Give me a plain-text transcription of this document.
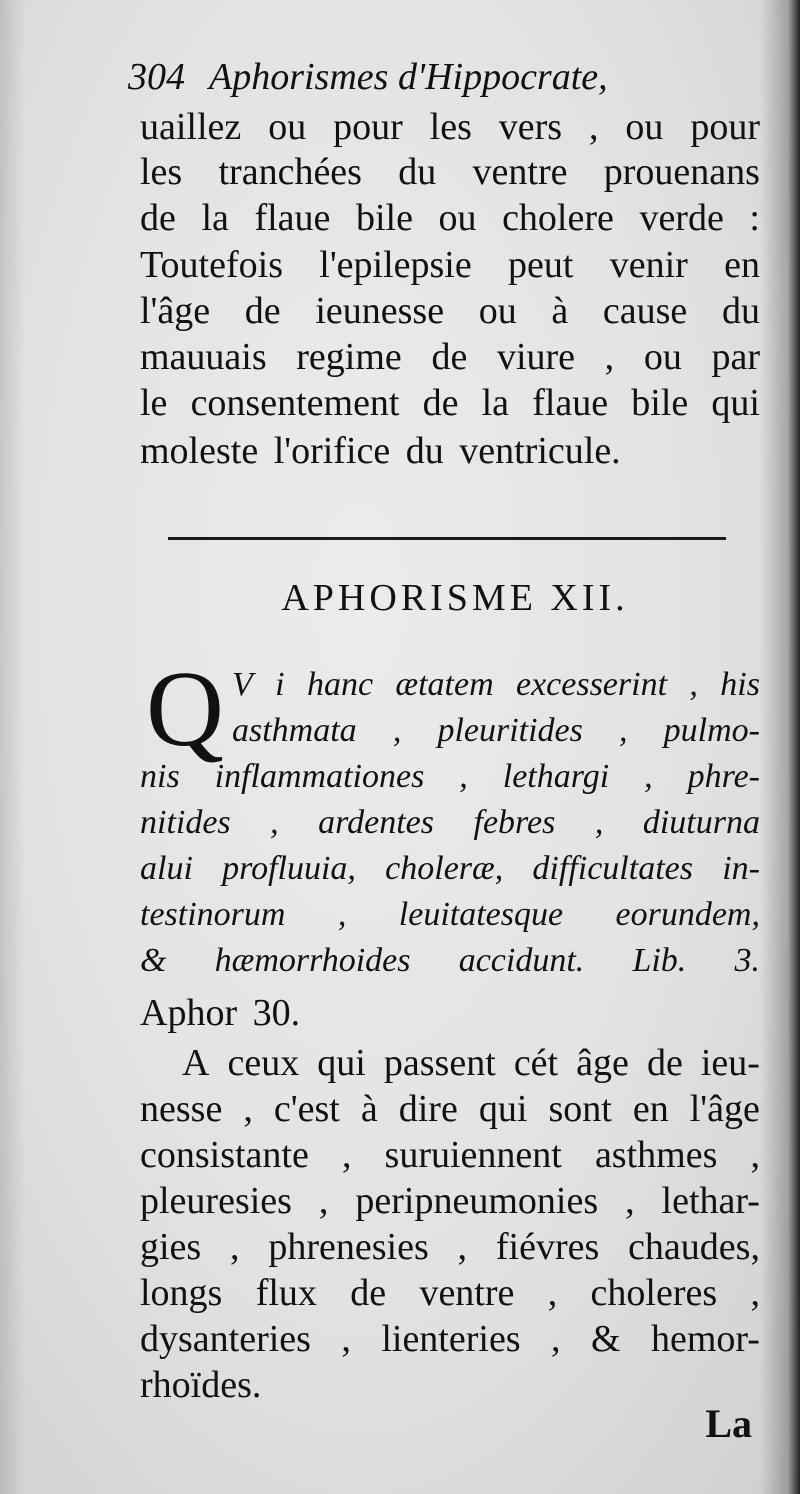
304 Aphorismes d'Hippocrate,
uaillez ou pour les vers , ou pour
les tranchées du ventre prouenans
de la flaue bile ou cholere verde :
Toutefois l'epilepsie peut venir en
l'âge de ieunesse ou à cause du
mauuais regime de viure , ou par
le consentement de la flaue bile qui
moleste l'orifice du ventricule.
APHORISME XII.
Q V i hanc ætatem excesserint , his
asthmata , pleuritides , pulmo-
nis inflammationes , lethargi , phre-
nitides , ardentes febres , diuturna
alui profluuia, choleræ, difficultates in-
testinorum , leuitatesque eorundem,
& hæmorrhoides accidunt. Lib. 3.
Aphor 30.
A ceux qui passent cét âge de ieu-
nesse , c'est à dire qui sont en l'âge
consistante , suruiennent asthmes ,
pleuresies , peripneumonies , lethar-
gies , phrenesies , fiévres chaudes,
longs flux de ventre , choleres ,
dysanteries , lienteries , & hemor-
rhoïdes.
La
